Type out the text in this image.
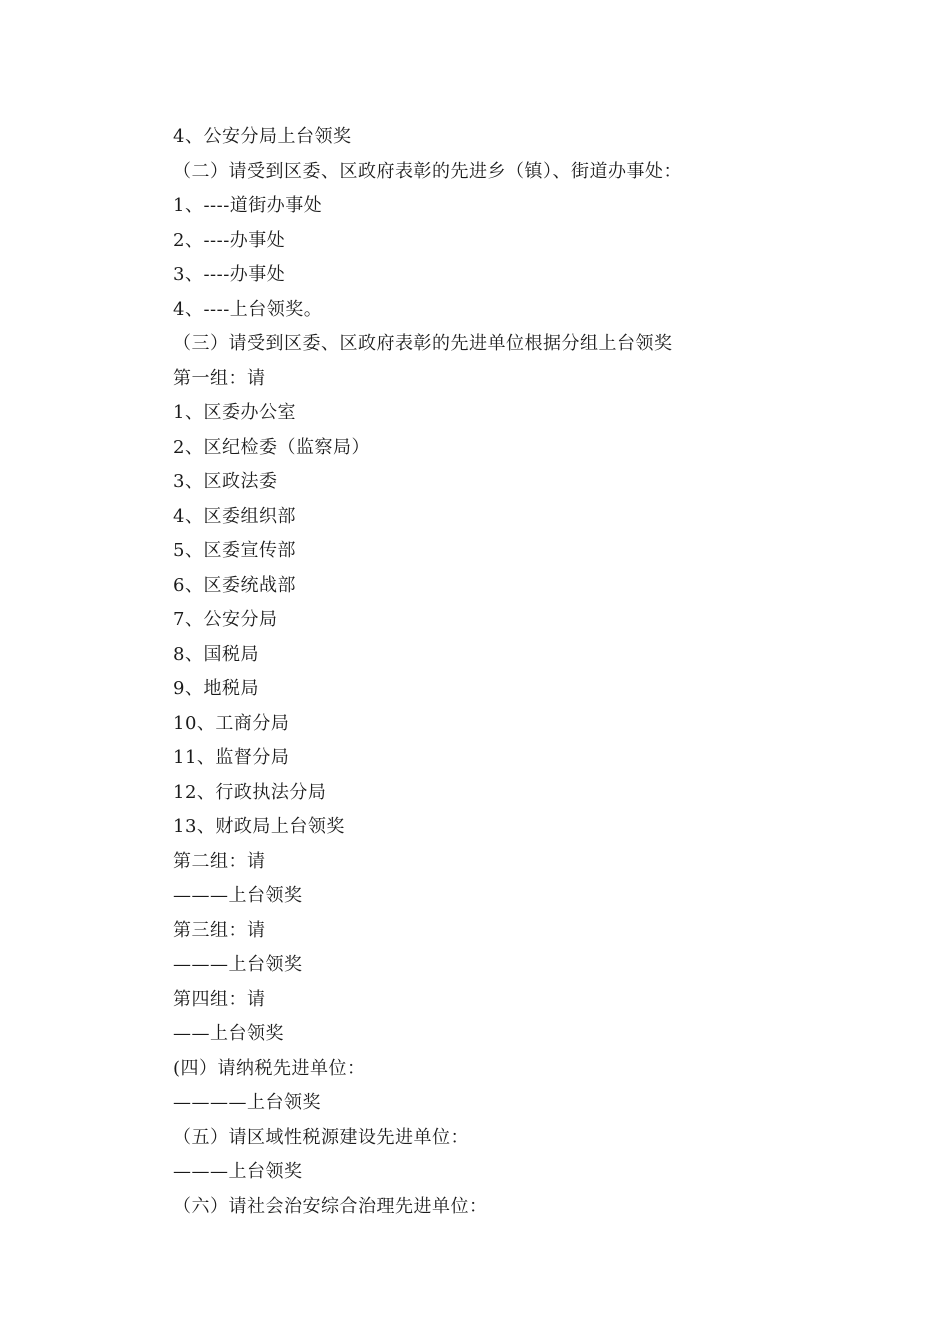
4、公安分局上台领奖
（二）请受到区委、区政府表彰的先进乡（镇）、街道办事处：
1、----道街办事处
2、----办事处
3、----办事处
4、----上台领奖。
（三）请受到区委、区政府表彰的先进单位根据分组上台领奖
第一组：请
1、区委办公室
2、区纪检委（监察局）
3、区政法委
4、区委组织部
5、区委宣传部
6、区委统战部
7、公安分局
8、国税局
9、地税局
10、工商分局
11、监督分局
12、行政执法分局
13、财政局上台领奖
第二组：请
———上台领奖
第三组：请
———上台领奖
第四组：请
——上台领奖
(四）请纳税先进单位：
————上台领奖
（五）请区域性税源建设先进单位：
———上台领奖
（六）请社会治安综合治理先进单位：
